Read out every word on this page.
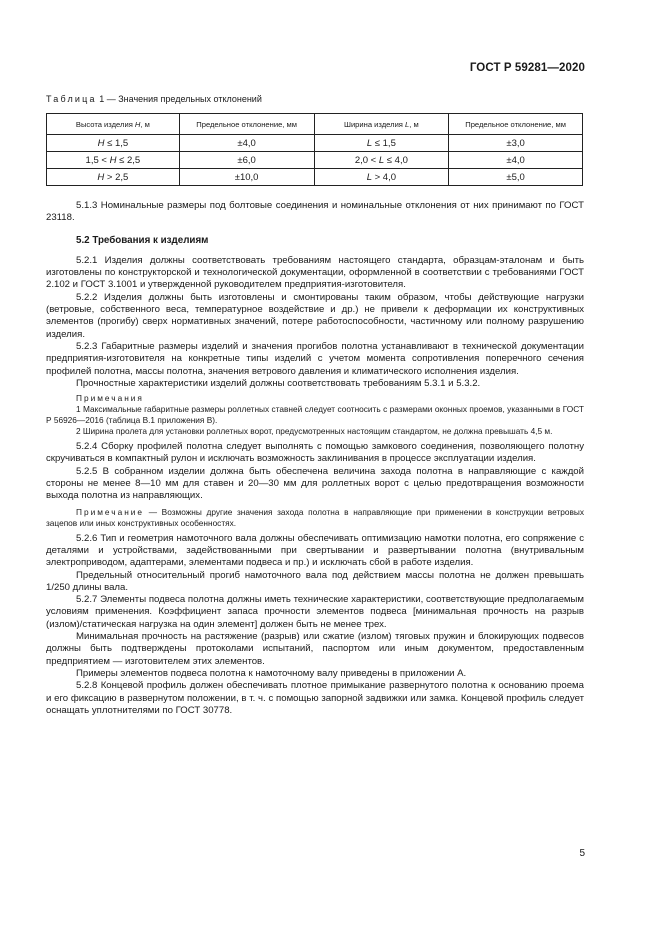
ГОСТ Р 59281—2020
Таблица 1 — Значения предельных отклонений
Высота изделия Н, м	Предельное отклонение, мм	Ширина изделия L, м	Предельное отклонение, мм
H ≤ 1,5	±4,0	L ≤ 1,5	±3,0
1,5 < H ≤ 2,5	±6,0	2,0 < L ≤ 4,0	±4,0
H > 2,5	±10,0	L > 4,0	±5,0

5.1.3 Номинальные размеры под болтовые соединения и номинальные отклонения от них принимают по ГОСТ 23118.

5.2 Требования к изделиям

5.2.1 Изделия должны соответствовать требованиям настоящего стандарта, образцам-эталонам и быть изготовлены по конструкторской и технологической документации, оформленной в соответствии с требованиями ГОСТ 2.102 и ГОСТ 3.1001 и утвержденной руководителем предприятия-изготовителя.

5.2.2 Изделия должны быть изготовлены и смонтированы таким образом, чтобы действующие нагрузки (ветровые, собственного веса, температурное воздействие и др.) не привели к деформации их конструктивных элементов (прогибу) сверх нормативных значений, потере работоспособности, частичному или полному разрушению изделия.

5.2.3 Габаритные размеры изделий и значения прогибов полотна устанавливают в технической документации предприятия-изготовителя на конкретные типы изделий с учетом момента сопротивления поперечного сечения профилей полотна, массы полотна, значения ветрового давления и климатического исполнения изделия.

Прочностные характеристики изделий должны соответствовать требованиям 5.3.1 и 5.3.2.

Примечания

1 Максимальные габаритные размеры роллетных ставней следует соотносить с размерами оконных проемов, указанными в ГОСТ Р 56926—2016 (таблица В.1 приложения В).

2 Ширина пролета для установки роллетных ворот, предусмотренных настоящим стандартом, не должна превышать 4,5 м.

5.2.4 Сборку профилей полотна следует выполнять с помощью замкового соединения, позволяющего полотну скручиваться в компактный рулон и исключать возможность заклинивания в процессе эксплуатации изделия.

5.2.5 В собранном изделии должна быть обеспечена величина захода полотна в направляющие с каждой стороны не менее 8—10 мм для ставен и 20—30 мм для роллетных ворот с целью предотвращения возможности выхода полотна из направляющих.

Примечание — Возможны другие значения захода полотна в направляющие при применении в конструкции ветровых зацепов или иных конструктивных особенностях.

5.2.6 Тип и геометрия намоточного вала должны обеспечивать оптимизацию намотки полотна, его сопряжение с деталями и устройствами, задействованными при свертывании и развертывании полотна (внутривальным электроприводом, адаптерами, элементами подвеса и пр.) и исключать сбой в работе изделия.

Предельный относительный прогиб намоточного вала под действием массы полотна не должен превышать 1/250 длины вала.

5.2.7 Элементы подвеса полотна должны иметь технические характеристики, соответствующие предполагаемым условиям применения. Коэффициент запаса прочности элементов подвеса [минимальная прочность на разрыв (излом)/статическая нагрузка на один элемент] должен быть не менее трех.

Минимальная прочность на растяжение (разрыв) или сжатие (излом) тяговых пружин и блокирующих подвесов должны быть подтверждены протоколами испытаний, паспортом или иным документом, предоставленным предприятием — изготовителем этих элементов.

Примеры элементов подвеса полотна к намоточному валу приведены в приложении А.

5.2.8 Концевой профиль должен обеспечивать плотное примыкание развернутого полотна к основанию проема и его фиксацию в развернутом положении, в т. ч. с помощью запорной задвижки или замка. Концевой профиль следует оснащать уплотнителями по ГОСТ 30778.

5
